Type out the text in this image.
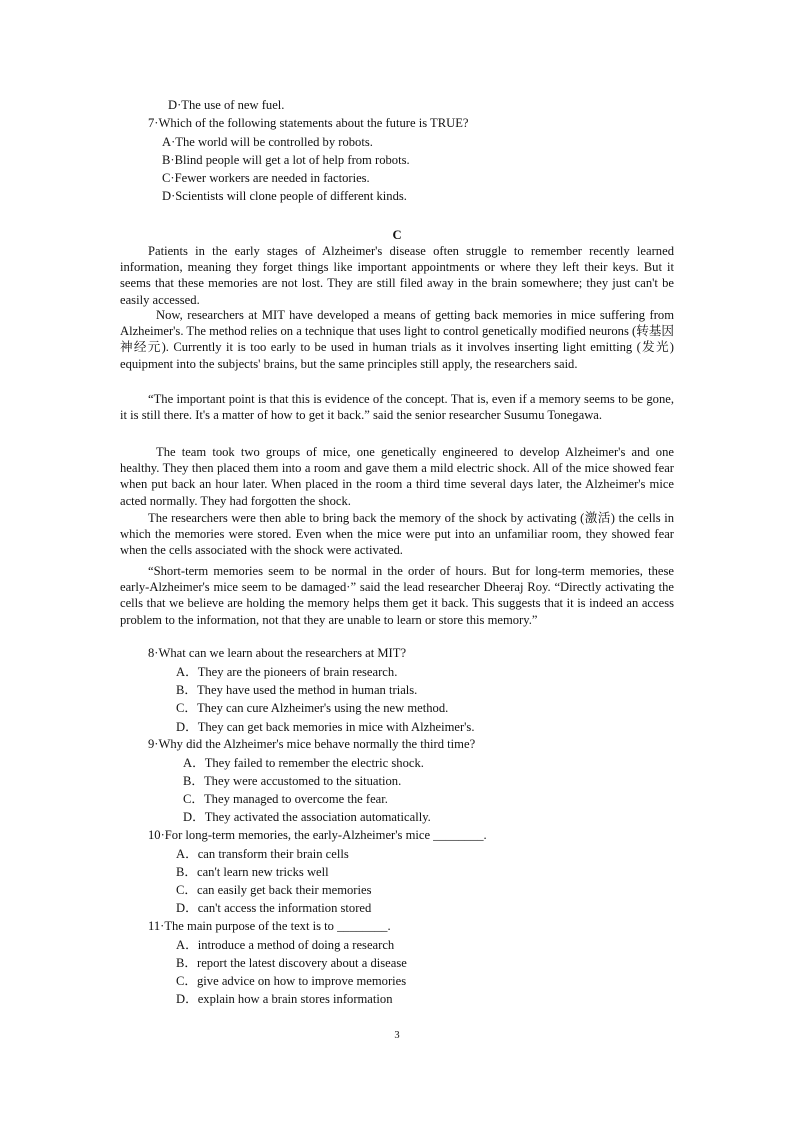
D·The use of new fuel.
7·Which of the following statements about the future is TRUE?
A·The world will be controlled by robots.
B·Blind people will get a lot of help from robots.
C·Fewer workers are needed in factories.
D·Scientists will clone people of different kinds.
C
Patients in the early stages of Alzheimer's disease often struggle to remember recently learned information, meaning they forget things like important appointments or where they left their keys. But it seems that these memories are not lost. They are still filed away in the brain somewhere; they just can't be easily accessed.
Now, researchers at MIT have developed a means of getting back memories in mice suffering from Alzheimer's. The method relies on a technique that uses light to control genetically modified neurons (转基因神经元). Currently it is too early to be used in human trials as it involves inserting light emitting (发光) equipment into the subjects' brains, but the same principles still apply, the researchers said.
“The important point is that this is evidence of the concept. That is, even if a memory seems to be gone, it is still there. It's a matter of how to get it back.” said the senior researcher Susumu Tonegawa.
The team took two groups of mice, one genetically engineered to develop Alzheimer's and one healthy. They then placed them into a room and gave them a mild electric shock. All of the mice showed fear when put back an hour later. When placed in the room a third time several days later, the Alzheimer's mice acted normally. They had forgotten the shock.
The researchers were then able to bring back the memory of the shock by activating (激活) the cells in which the memories were stored. Even when the mice were put into an unfamiliar room, they showed fear when the cells associated with the shock were activated.
“Short-term memories seem to be normal in the order of hours. But for long-term memories, these early-Alzheimer's mice seem to be damaged·” said the lead researcher Dheeraj Roy. “Directly activating the cells that we believe are holding the memory helps them get it back. This suggests that it is indeed an access problem to the information, not that they are unable to learn or store this memory.”
8·What can we learn about the researchers at MIT?
A．They are the pioneers of brain research.
B．They have used the method in human trials.
C．They can cure Alzheimer's using the new method.
D．They can get back memories in mice with Alzheimer's.
9·Why did the Alzheimer's mice behave normally the third time?
A．They failed to remember the electric shock.
B．They were accustomed to the situation.
C．They managed to overcome the fear.
D．They activated the association automatically.
10·For long-term memories, the early-Alzheimer's mice ________.
A．can transform their brain cells
B．can't learn new tricks well
C．can easily get back their memories
D．can't access the information stored
11·The main purpose of the text is to ________.
A．introduce a method of doing a research
B．report the latest discovery about a disease
C．give advice on how to improve memories
D．explain how a brain stores information
3
